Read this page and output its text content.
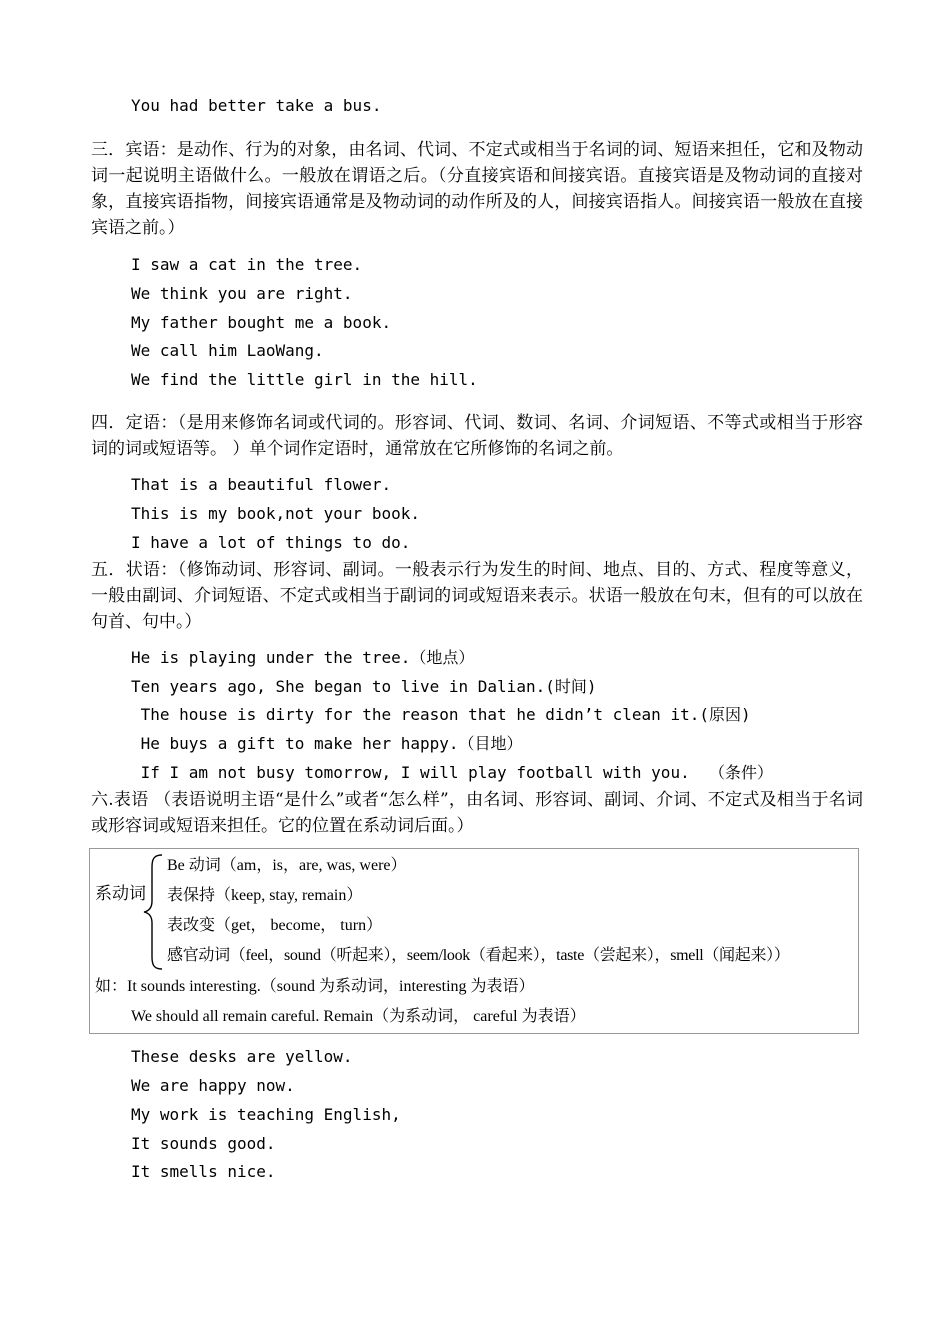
You had better take a bus.
三．宾语：是动作、行为的对象，由名词、代词、不定式或相当于名词的词、短语来担任，它和及物动词一起说明主语做什么。一般放在谓语之后。（分直接宾语和间接宾语。直接宾语是及物动词的直接对象，直接宾语指物，间接宾语通常是及物动词的动作所及的人，间接宾语指人。间接宾语一般放在直接宾语之前。）
I saw a cat in the tree.
We think you are right.
My father bought me a book.
We call him LaoWang.
We find the little girl in the hill.
四．定语：（是用来修饰名词或代词的。形容词、代词、数词、名词、介词短语、不等式或相当于形容词的词或短语等。 ）单个词作定语时，通常放在它所修饰的名词之前。
That is a beautiful flower.
This is my book,not your book.
I have a lot of things to do.
五．状语：（修饰动词、形容词、副词。一般表示行为发生的时间、地点、目的、方式、程度等意义，一般由副词、介词短语、不定式或相当于副词的词或短语来表示。状语一般放在句末，但有的可以放在句首、句中。）
He is playing under the tree.（地点）
Ten years ago, She began to live in Dalian.(时间)
The house is dirty for the reason that he didn’t clean it.(原因)
He buys a gift to make her happy.（目地）
If I am not busy tomorrow, I will play football with you.  （条件）
六.表语 （表语说明主语“是什么”或者“怎么样”，由名词、形容词、副词、介词、不定式及相当于名词或形容词或短语来担任。它的位置在系动词后面。）
系动词
Be 动词（am，is，are, was, were）
表保持（keep, stay, remain）
表改变（get， become， turn）
感官动词（feel，sound（听起来），seem/look（看起来），taste（尝起来），smell（闻起来））
如：It sounds interesting.（sound 为系动词，interesting 为表语）
We should all remain careful. Remain（为系动词， careful 为表语）
These desks are yellow.
We are happy now.
My work is teaching English,
It sounds good.
It smells nice.
